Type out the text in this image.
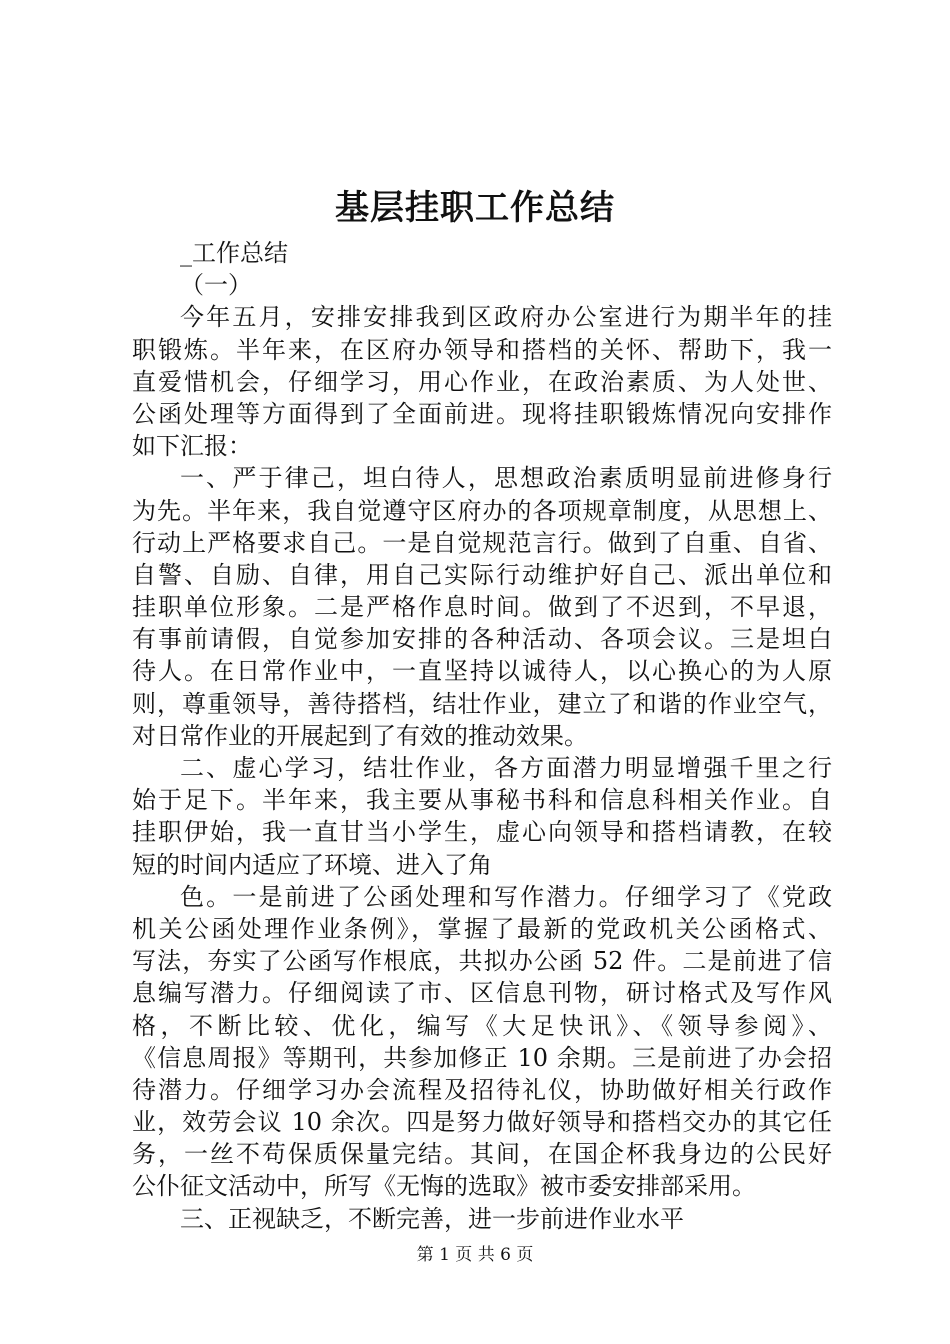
基层挂职工作总结
_工作总结
（一）
今年五月，安排安排我到区政府办公室进行为期半年的挂
职锻炼。半年来，在区府办领导和搭档的关怀、帮助下，我一
直爱惜机会，仔细学习，用心作业，在政治素质、为人处世、
公函处理等方面得到了全面前进。现将挂职锻炼情况向安排作
如下汇报：
一、严于律己，坦白待人，思想政治素质明显前进修身行
为先。半年来，我自觉遵守区府办的各项规章制度，从思想上、
行动上严格要求自己。一是自觉规范言行。做到了自重、自省、
自警、自励、自律，用自己实际行动维护好自己、派出单位和
挂职单位形象。二是严格作息时间。做到了不迟到，不早退，
有事前请假，自觉参加安排的各种活动、各项会议。三是坦白
待人。在日常作业中，一直坚持以诚待人，以心换心的为人原
则，尊重领导，善待搭档，结壮作业，建立了和谐的作业空气，
对日常作业的开展起到了有效的推动效果。
二、虚心学习，结壮作业，各方面潜力明显增强千里之行
始于足下。半年来，我主要从事秘书科和信息科相关作业。自
挂职伊始，我一直甘当小学生，虚心向领导和搭档请教，在较
短的时间内适应了环境、进入了角
色。一是前进了公函处理和写作潜力。仔细学习了《党政
机关公函处理作业条例》，掌握了最新的党政机关公函格式、
写法，夯实了公函写作根底，共拟办公函 52 件。二是前进了信
息编写潜力。仔细阅读了市、区信息刊物，研讨格式及写作风
格，不断比较、优化，编写《大足快讯》、《领导参阅》、
《信息周报》等期刊，共参加修正 10 余期。三是前进了办会招
待潜力。仔细学习办会流程及招待礼仪，协助做好相关行政作
业，效劳会议 10 余次。四是努力做好领导和搭档交办的其它任
务，一丝不苟保质保量完结。其间，在国企杯我身边的公民好
公仆征文活动中，所写《无悔的选取》被市委安排部采用。
三、正视缺乏，不断完善，进一步前进作业水平
第 1 页 共 6 页
